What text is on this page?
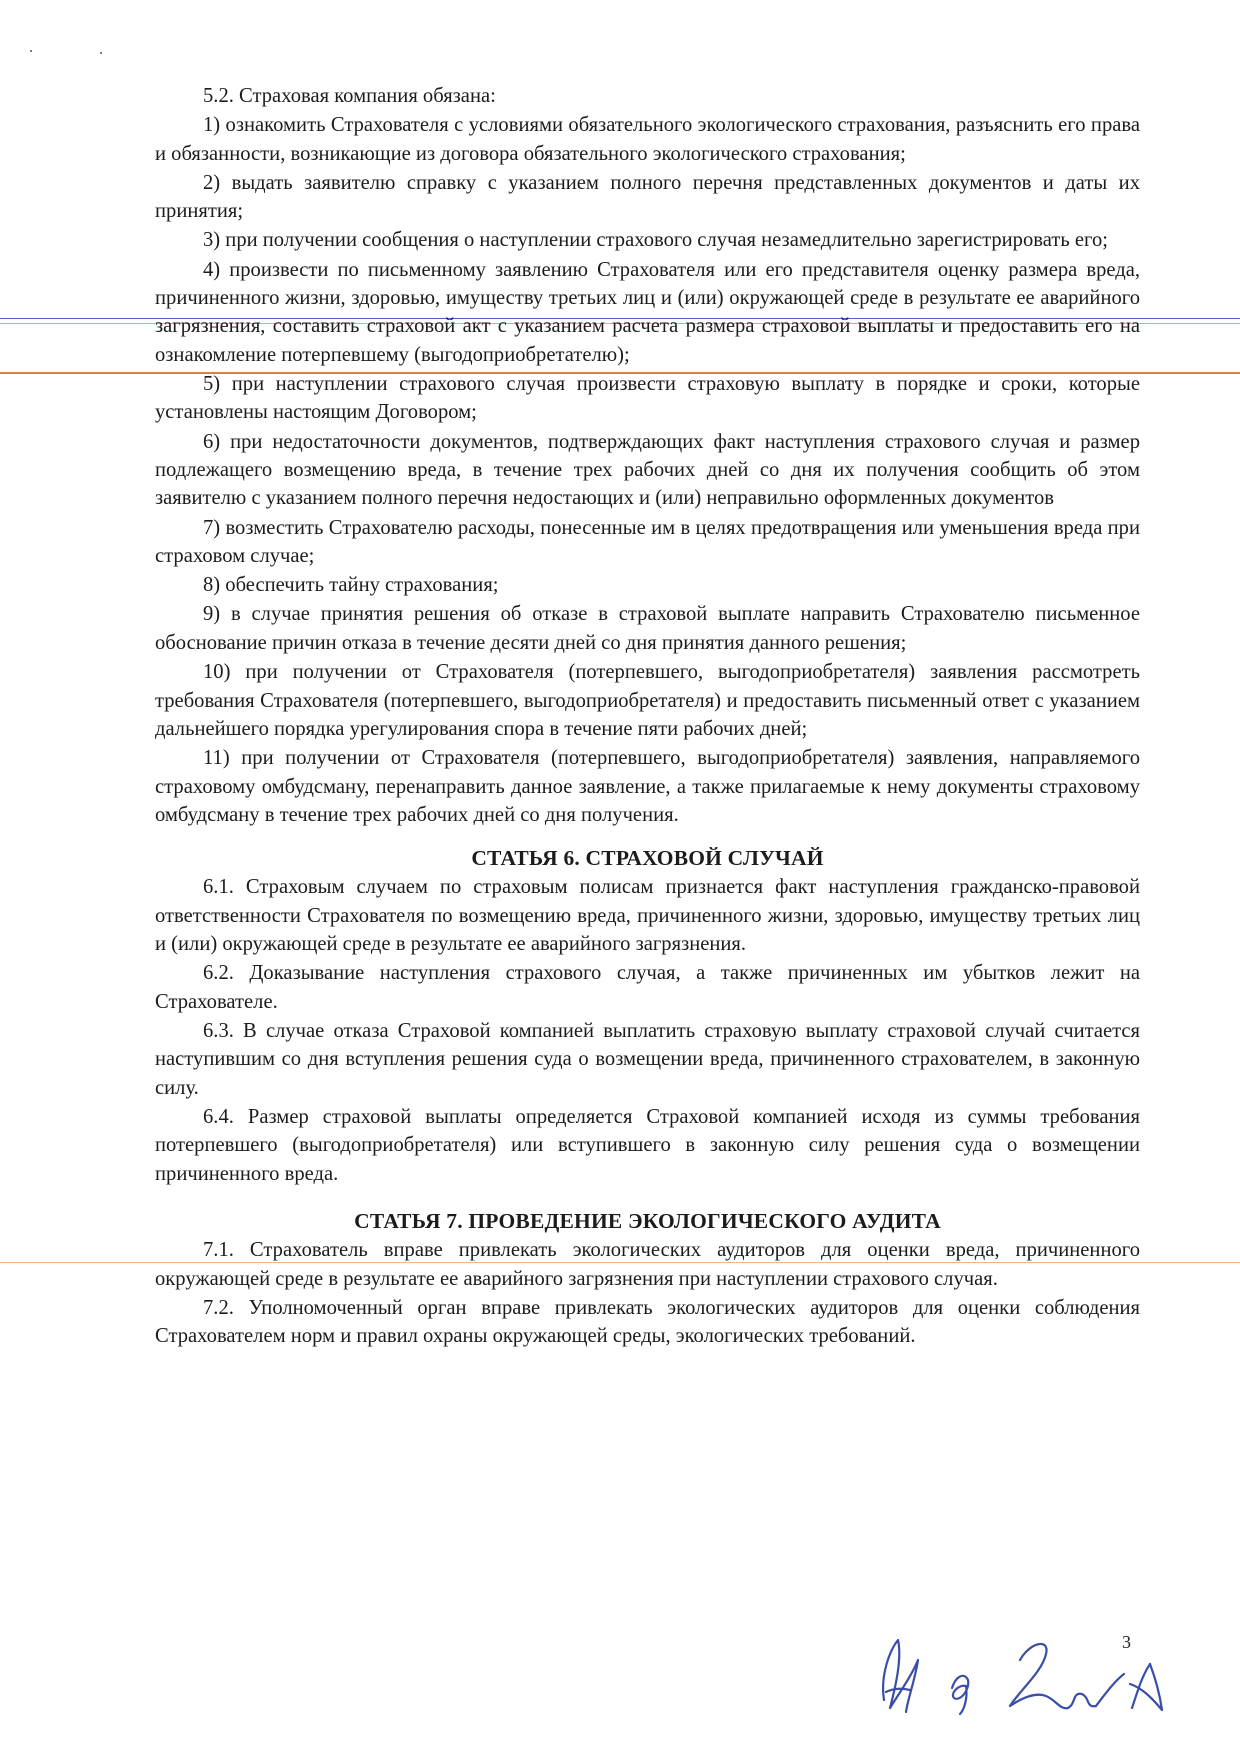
5.2. Страховая компания обязана:

1) ознакомить Страхователя с условиями обязательного экологического страхования, разъяснить его права и обязанности, возникающие из договора обязательного экологического страхования;

2) выдать заявителю справку с указанием полного перечня представленных документов и даты их принятия;

3) при получении сообщения о наступлении страхового случая незамедлительно зарегистрировать его;

4) произвести по письменному заявлению Страхователя или его представителя оценку размера вреда, причиненного жизни, здоровью, имуществу третьих лиц и (или) окружающей среде в результате ее аварийного загрязнения, составить страховой акт с указанием расчета размера страховой выплаты и предоставить его на ознакомление потерпевшему (выгодоприобретателю);

5) при наступлении страхового случая произвести страховую выплату в порядке и сроки, которые установлены настоящим Договором;

6) при недостаточности документов, подтверждающих факт наступления страхового случая и размер подлежащего возмещению вреда, в течение трех рабочих дней со дня их получения сообщить об этом заявителю с указанием полного перечня недостающих и (или) неправильно оформленных документов

7) возместить Страхователю расходы, понесенные им в целях предотвращения или уменьшения вреда при страховом случае;

8) обеспечить тайну страхования;

9) в случае принятия решения об отказе в страховой выплате направить Страхователю письменное обоснование причин отказа в течение десяти дней со дня принятия данного решения;

10) при получении от Страхователя (потерпевшего, выгодоприобретателя) заявления рассмотреть требования Страхователя (потерпевшего, выгодоприобретателя) и предоставить письменный ответ с указанием дальнейшего порядка урегулирования спора в течение пяти рабочих дней;

11) при получении от Страхователя (потерпевшего, выгодоприобретателя) заявления, направляемого страховому омбудсману, перенаправить данное заявление, а также прилагаемые к нему документы страховому омбудсману в течение трех рабочих дней со дня получения.

СТАТЬЯ 6. СТРАХОВОЙ СЛУЧАЙ

6.1. Страховым случаем по страховым полисам признается факт наступления гражданско-правовой ответственности Страхователя по возмещению вреда, причиненного жизни, здоровью, имуществу третьих лиц и (или) окружающей среде в результате ее аварийного загрязнения.

6.2. Доказывание наступления страхового случая, а также причиненных им убытков лежит на Страхователе.

6.3. В случае отказа Страховой компанией выплатить страховую выплату страховой случай считается наступившим со дня вступления решения суда о возмещении вреда, причиненного страхователем, в законную силу.

6.4. Размер страховой выплаты определяется Страховой компанией исходя из суммы требования потерпевшего (выгодоприобретателя) или вступившего в законную силу решения суда о возмещении причиненного вреда.

СТАТЬЯ 7. ПРОВЕДЕНИЕ ЭКОЛОГИЧЕСКОГО АУДИТА

7.1. Страхователь вправе привлекать экологических аудиторов для оценки вреда, причиненного окружающей среде в результате ее аварийного загрязнения при наступлении страхового случая.

7.2. Уполномоченный орган вправе привлекать экологических аудиторов для оценки соблюдения Страхователем норм и правил охраны окружающей среды, экологических требований.

3
